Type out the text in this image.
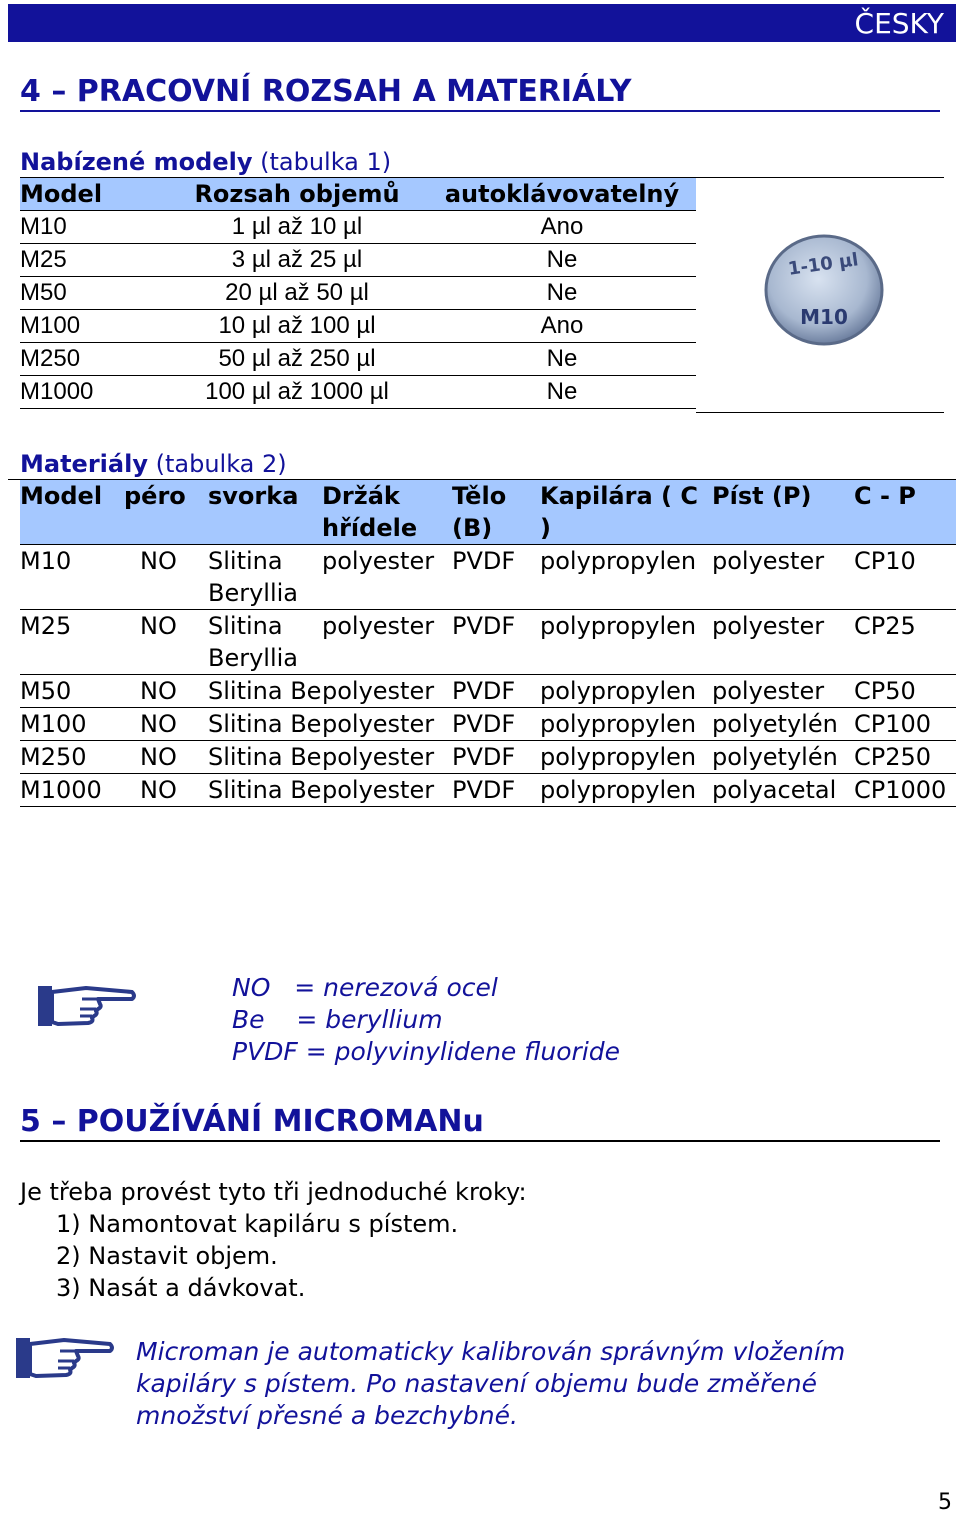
ČESKY
4 – PRACOVNÍ ROZSAH A MATERIÁLY
Nabízené modely (tabulka 1)
Model	Rozsah objemů	autoklávovatelný
M10	1 µl až 10 µl	Ano
M25	3 µl až 25 µl	Ne
M50	20 µl až 50 µl	Ne
M100	10 µl až 100 µl	Ano
M250	50 µl až 250 µl	Ne
M1000	100 µl až 1000 µl	Ne
1-10 µl
M10
Materiály (tabulka 2)
Model	péro	svorka	Držák hřídele	Tělo (B)	Kapilára ( C )	Píst (P)	C - P
M10	NO	Slitina Beryllia	polyester	PVDF	polypropylen	polyester	CP10
M25	NO	Slitina Beryllia	polyester	PVDF	polypropylen	polyester	CP25
M50	NO	Slitina Be	polyester	PVDF	polypropylen	polyester	CP50
M100	NO	Slitina Be	polyester	PVDF	polypropylen	polyetylén	CP100
M250	NO	Slitina Be	polyester	PVDF	polypropylen	polyetylén	CP250
M1000	NO	Slitina Be	polyester	PVDF	polypropylen	polyacetal	CP1000
NO   = nerezová ocel
Be    = beryllium
PVDF = polyvinylidene fluoride
5 – POUŽÍVÁNÍ MICROMANu
Je třeba provést tyto tři jednoduché kroky:
1) Namontovat kapiláru s pístem.
2) Nastavit objem.
3) Nasát a dávkovat.
Microman je automaticky kalibrován správným vložením kapiláry s pístem. Po nastavení objemu bude změřené množství přesné a bezchybné.
5
